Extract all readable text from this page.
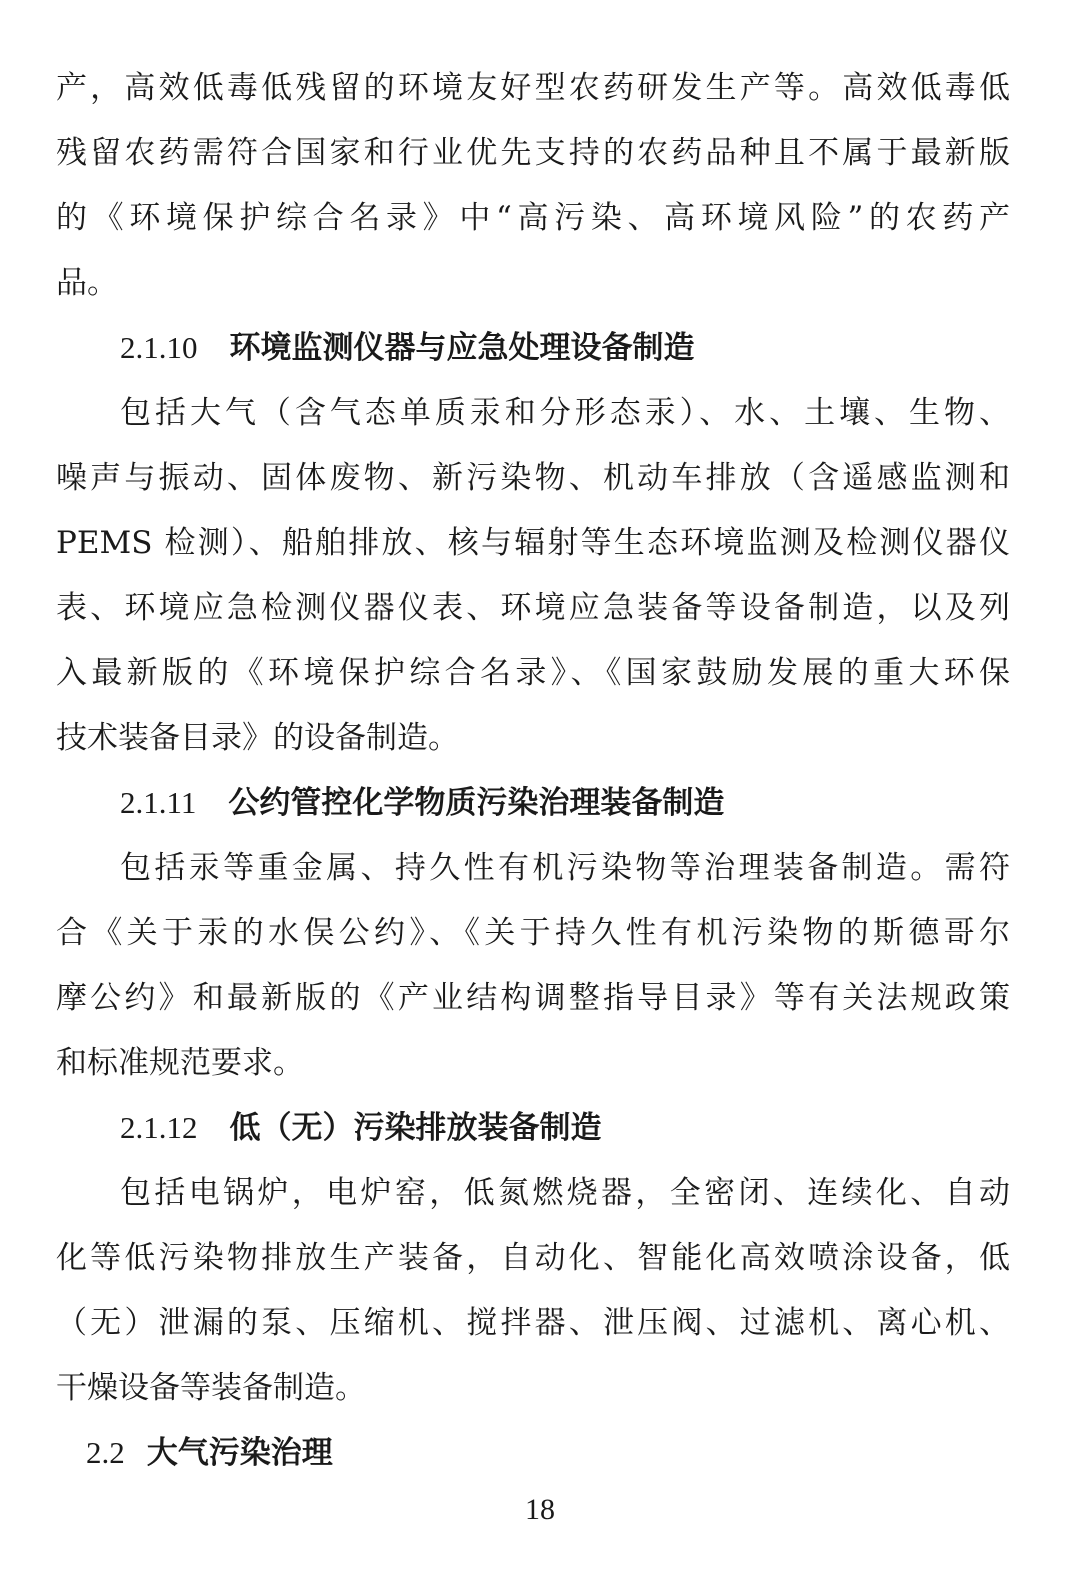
产，高效低毒低残留的环境友好型农药研发生产等。高效低毒低
残留农药需符合国家和行业优先支持的农药品种且不属于最新版
的《环境保护综合名录》中“高污染、高环境风险”的农药产
品。
2.1.10 环境监测仪器与应急处理设备制造
包括大气（含气态单质汞和分形态汞）、水、土壤、生物、
噪声与振动、固体废物、新污染物、机动车排放（含遥感监测和
PEMS 检测）、船舶排放、核与辐射等生态环境监测及检测仪器仪
表、环境应急检测仪器仪表、环境应急装备等设备制造，以及列
入最新版的《环境保护综合名录》、《国家鼓励发展的重大环保
技术装备目录》的设备制造。
2.1.11 公约管控化学物质污染治理装备制造
包括汞等重金属、持久性有机污染物等治理装备制造。需符
合《关于汞的水俣公约》、《关于持久性有机污染物的斯德哥尔
摩公约》和最新版的《产业结构调整指导目录》等有关法规政策
和标准规范要求。
2.1.12 低（无）污染排放装备制造
包括电锅炉，电炉窑，低氮燃烧器，全密闭、连续化、自动
化等低污染物排放生产装备，自动化、智能化高效喷涂设备，低
（无）泄漏的泵、压缩机、搅拌器、泄压阀、过滤机、离心机、
干燥设备等装备制造。
2.2 大气污染治理
18
